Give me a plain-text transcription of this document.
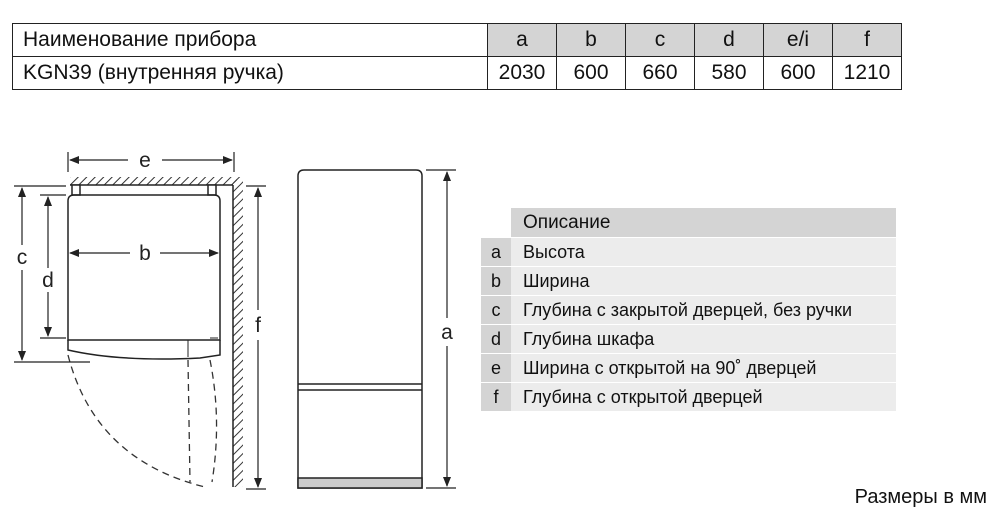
Наименование прибора	a	b	c	d	e/i	f
KGN39 (внутренняя ручка)	2030	600	660	580	600	1210
e
b
c
d
f	a
Описание
a	Высота
b	Ширина
c	Глубина с закрытой дверцей, без ручки
d	Глубина шкафа
e	Ширина с открытой на 90˚ дверцей
f	Глубина с открытой дверцей
Размеры в мм
